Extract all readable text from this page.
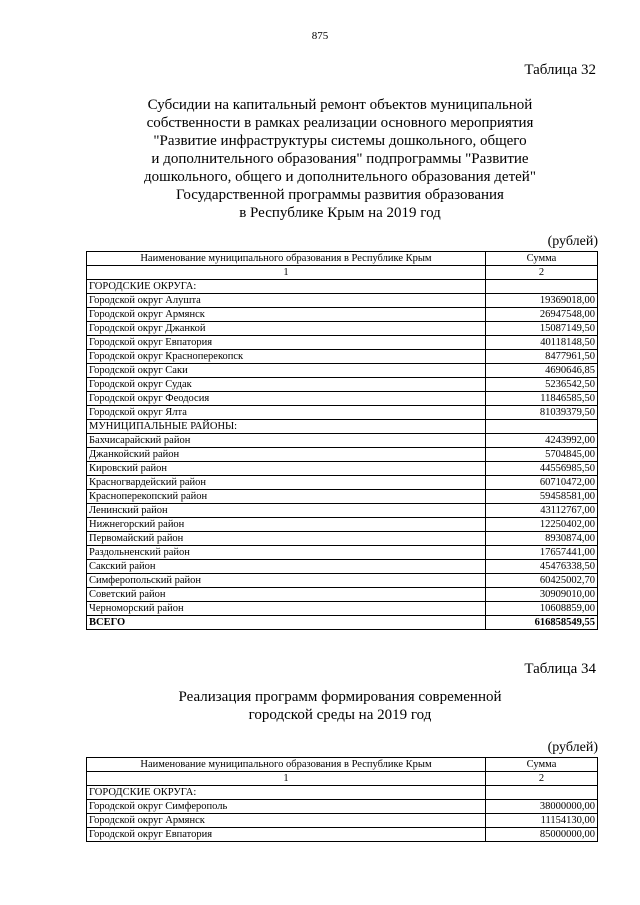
875
Таблица 32
Субсидии на капитальный ремонт объектов муниципальной
собственности в рамках реализации основного мероприятия
"Развитие инфраструктуры системы дошкольного, общего
и дополнительного образования" подпрограммы "Развитие
дошкольного, общего и дополнительного образования детей"
Государственной программы развития образования
в Республике Крым на 2019 год
(рублей)
Наименование муниципального образования в Республике Крым	Сумма
1	2
ГОРОДСКИЕ ОКРУГА:	
Городской округ Алушта	19369018,00
Городской округ Армянск	26947548,00
Городской округ Джанкой	15087149,50
Городской округ Евпатория	40118148,50
Городской округ Красноперекопск	8477961,50
Городской округ Саки	4690646,85
Городской округ Судак	5236542,50
Городской округ Феодосия	11846585,50
Городской округ Ялта	81039379,50
МУНИЦИПАЛЬНЫЕ РАЙОНЫ:	
Бахчисарайский район	4243992,00
Джанкойский район	5704845,00
Кировский район	44556985,50
Красногвардейский район	60710472,00
Красноперекопский район	59458581,00
Ленинский район	43112767,00
Нижнегорский район	12250402,00
Первомайский район	8930874,00
Раздольненский район	17657441,00
Сакский район	45476338,50
Симферопольский район	60425002,70
Советский район	30909010,00
Черноморский район	10608859,00
ВСЕГО	616858549,55
Таблица 34
Реализация программ формирования современной
городской среды на 2019 год
(рублей)
Наименование муниципального образования в Республике Крым	Сумма
1	2
ГОРОДСКИЕ ОКРУГА:	
Городской округ Симферополь	38000000,00
Городской округ Армянск	11154130,00
Городской округ Евпатория	85000000,00
